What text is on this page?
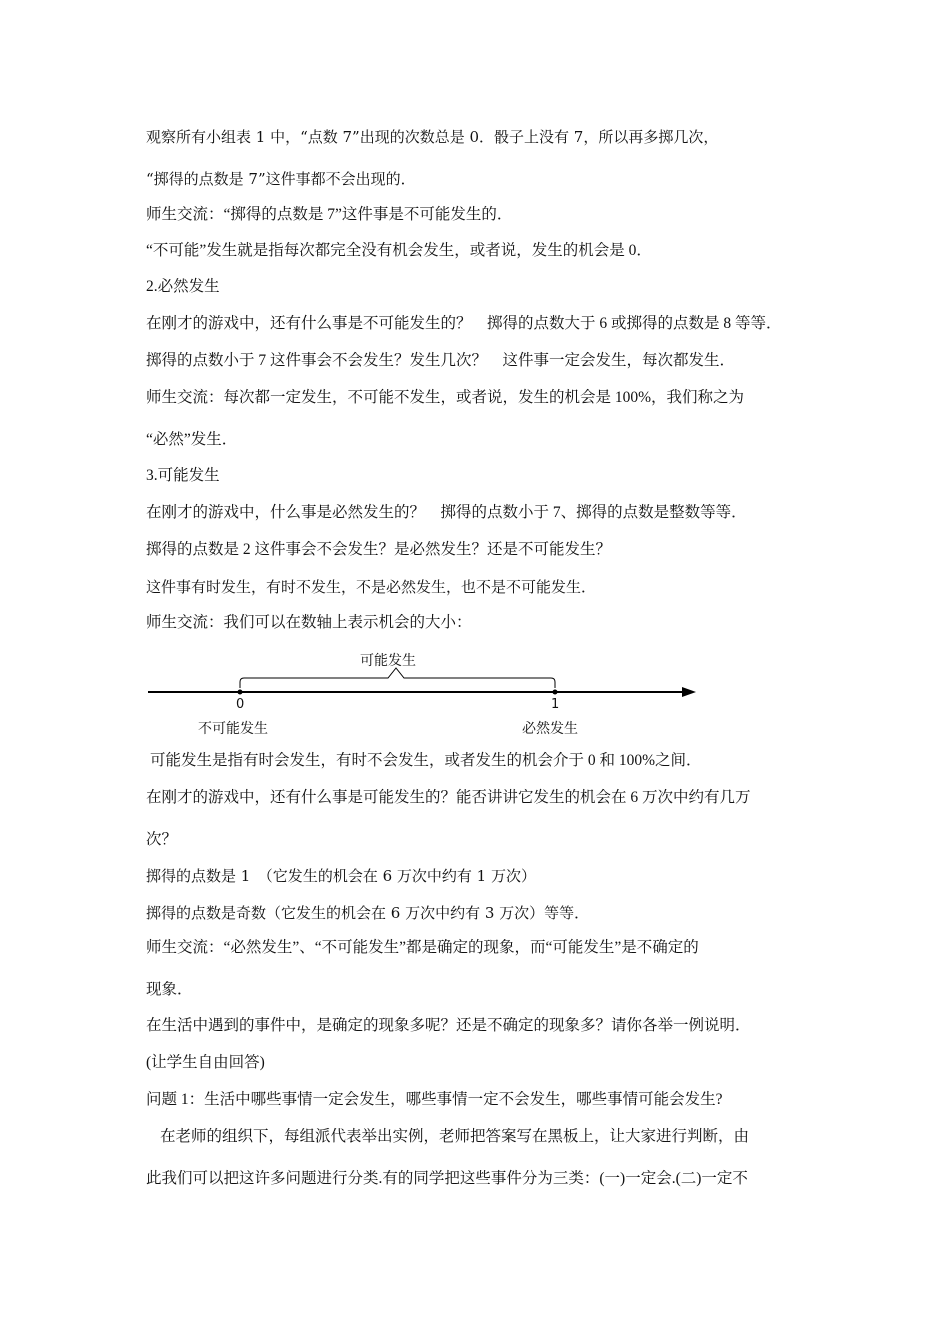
观察所有小组表 1 中，“点数 7”出现的次数总是 0．骰子上没有 7，所以再多掷几次，

“掷得的点数是 7”这件事都不会出现的．

师生交流：“掷得的点数是 7”这件事是不可能发生的．

“不可能”发生就是指每次都完全没有机会发生，或者说，发生的机会是 0．

2.必然发生

在刚才的游戏中，还有什么事是不可能发生的？　掷得的点数大于 6 或掷得的点数是 8 等等．

掷得的点数小于 7 这件事会不会发生？发生几次？　这件事一定会发生，每次都发生．

师生交流：每次都一定发生，不可能不发生，或者说，发生的机会是 100%，我们称之为

“必然”发生．

3.可能发生

在刚才的游戏中，什么事是必然发生的？　掷得的点数小于 7、掷得的点数是整数等等．

掷得的点数是 2 这件事会不会发生？是必然发生？还是不可能发生？

这件事有时发生，有时不发生，不是必然发生，也不是不可能发生．

师生交流：我们可以在数轴上表示机会的大小：

可能发生
0	1
不可能发生	必然发生

可能发生是指有时会发生，有时不会发生，或者发生的机会介于 0 和 100%之间．

在刚才的游戏中，还有什么事是可能发生的？能否讲讲它发生的机会在 6 万次中约有几万

次？

掷得的点数是 1　（它发生的机会在 6 万次中约有 1 万次）

掷得的点数是奇数（它发生的机会在 6 万次中约有 3 万次）等等．

师生交流：“必然发生”、“不可能发生”都是确定的现象，而“可能发生”是不确定的

现象．

在生活中遇到的事件中，是确定的现象多呢？还是不确定的现象多？请你各举一例说明．

(让学生自由回答)

问题 1：生活中哪些事情一定会发生，哪些事情一定不会发生，哪些事情可能会发生?

在老师的组织下，每组派代表举出实例，老师把答案写在黑板上，让大家进行判断，由

此我们可以把这许多问题进行分类.有的同学把这些事件分为三类：(一)一定会.(二)一定不
